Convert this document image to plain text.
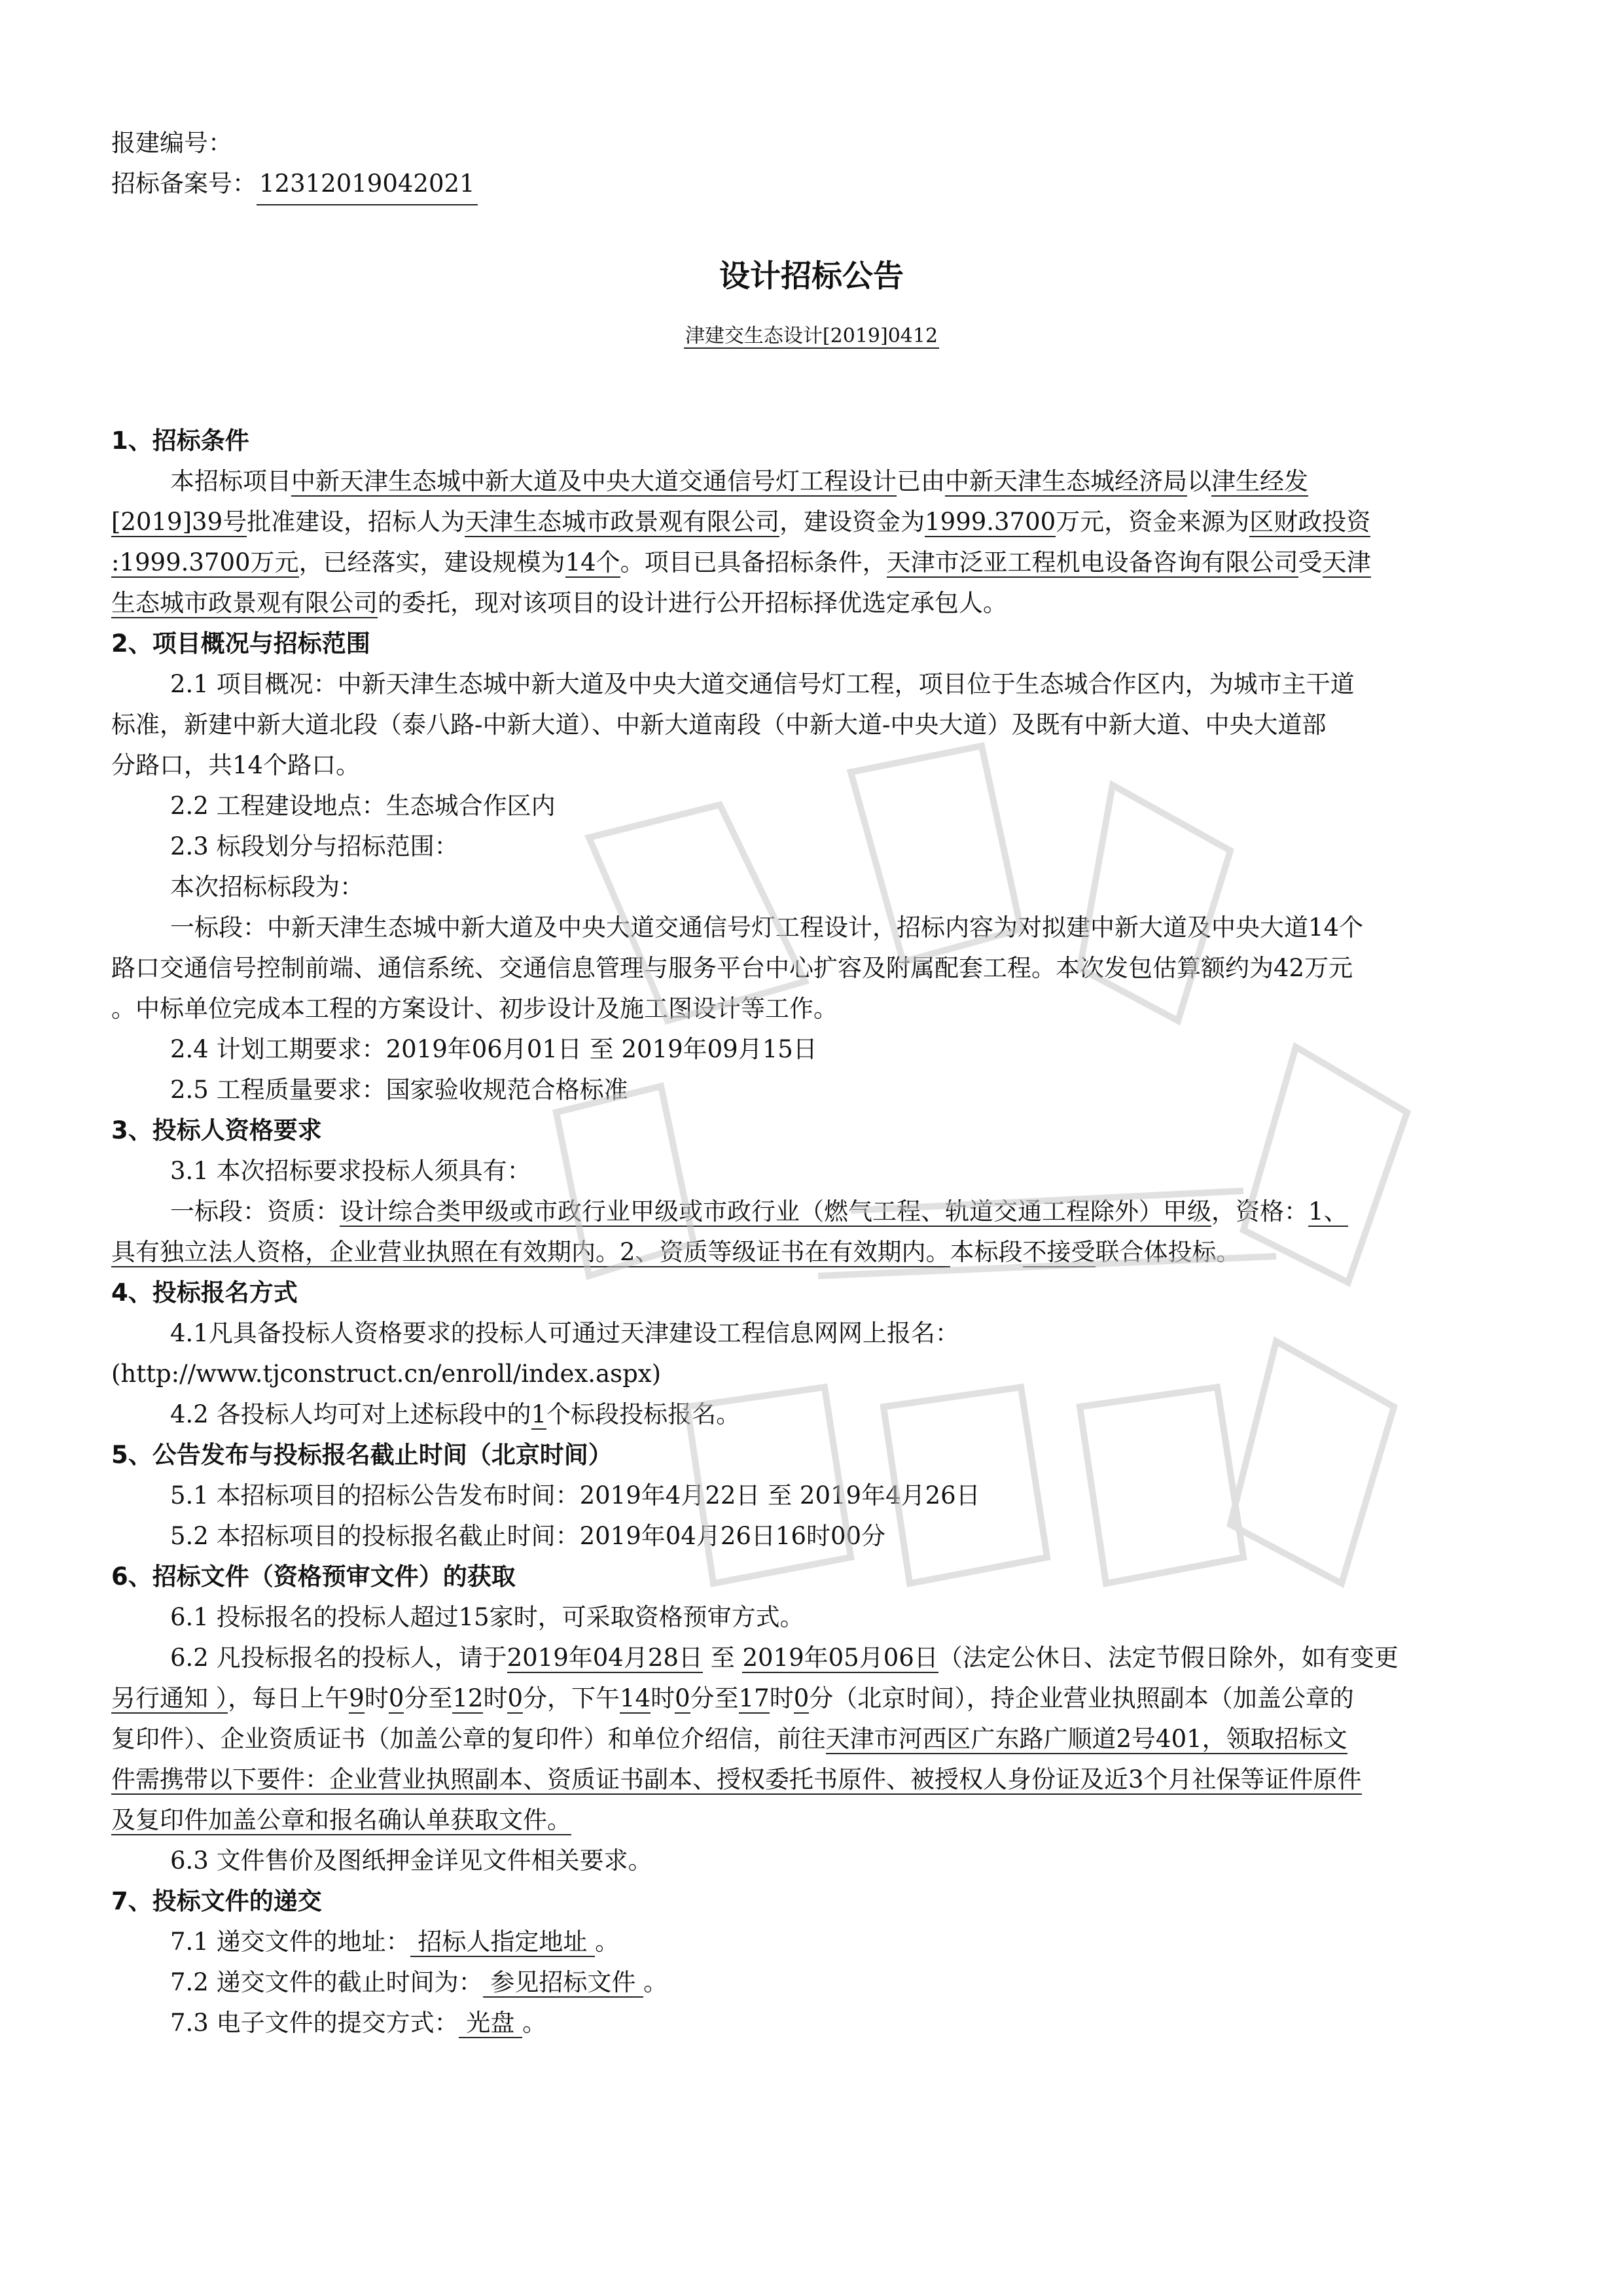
报建编号：
招标备案号： 12312019042021
设计招标公告
津建交生态设计[2019]0412
1、招标条件
本招标项目中新天津生态城中新大道及中央大道交通信号灯工程设计已由中新天津生态城经济局以津生经发
[2019]39号批准建设，招标人为天津生态城市政景观有限公司，建设资金为1999.3700万元，资金来源为区财政投资
:1999.3700万元，已经落实，建设规模为14个。项目已具备招标条件，天津市泛亚工程机电设备咨询有限公司受天津
生态城市政景观有限公司的委托，现对该项目的设计进行公开招标择优选定承包人。
2、项目概况与招标范围
2.1 项目概况：中新天津生态城中新大道及中央大道交通信号灯工程，项目位于生态城合作区内，为城市主干道
标准，新建中新大道北段（泰八路-中新大道）、中新大道南段（中新大道-中央大道）及既有中新大道、中央大道部
分路口，共14个路口。
2.2 工程建设地点：生态城合作区内
2.3 标段划分与招标范围：
本次招标标段为：
一标段：中新天津生态城中新大道及中央大道交通信号灯工程设计，招标内容为对拟建中新大道及中央大道14个
路口交通信号控制前端、通信系统、交通信息管理与服务平台中心扩容及附属配套工程。本次发包估算额约为42万元
。中标单位完成本工程的方案设计、初步设计及施工图设计等工作。
2.4 计划工期要求：2019年06月01日 至 2019年09月15日
2.5 工程质量要求：国家验收规范合格标准
3、投标人资格要求
3.1 本次招标要求投标人须具有：
一标段：资质：设计综合类甲级或市政行业甲级或市政行业（燃气工程、轨道交通工程除外）甲级，资格：1、
具有独立法人资格，企业营业执照在有效期内。2、资质等级证书在有效期内。本标段不接受联合体投标。
4、投标报名方式
4.1凡具备投标人资格要求的投标人可通过天津建设工程信息网网上报名：
(http://www.tjconstruct.cn/enroll/index.aspx)
4.2 各投标人均可对上述标段中的1个标段投标报名。
5、公告发布与投标报名截止时间（北京时间）
5.1 本招标项目的招标公告发布时间：2019年4月22日 至 2019年4月26日
5.2 本招标项目的投标报名截止时间：2019年04月26日16时00分
6、招标文件（资格预审文件）的获取
6.1 投标报名的投标人超过15家时，可采取资格预审方式。
6.2 凡投标报名的投标人，请于2019年04月28日 至 2019年05月06日（法定公休日、法定节假日除外，如有变更
另行通知 ），每日上午9时0分至12时0分，下午14时0分至17时0分（北京时间），持企业营业执照副本（加盖公章的
复印件）、企业资质证书（加盖公章的复印件）和单位介绍信，前往天津市河西区广东路广顺道2号401，领取招标文
件需携带以下要件：企业营业执照副本、资质证书副本、授权委托书原件、被授权人身份证及近3个月社保等证件原件
及复印件加盖公章和报名确认单获取文件。
6.3 文件售价及图纸押金详见文件相关要求。
7、投标文件的递交
7.1 递交文件的地址： 招标人指定地址 。
7.2 递交文件的截止时间为： 参见招标文件 。
7.3 电子文件的提交方式： 光盘 。
